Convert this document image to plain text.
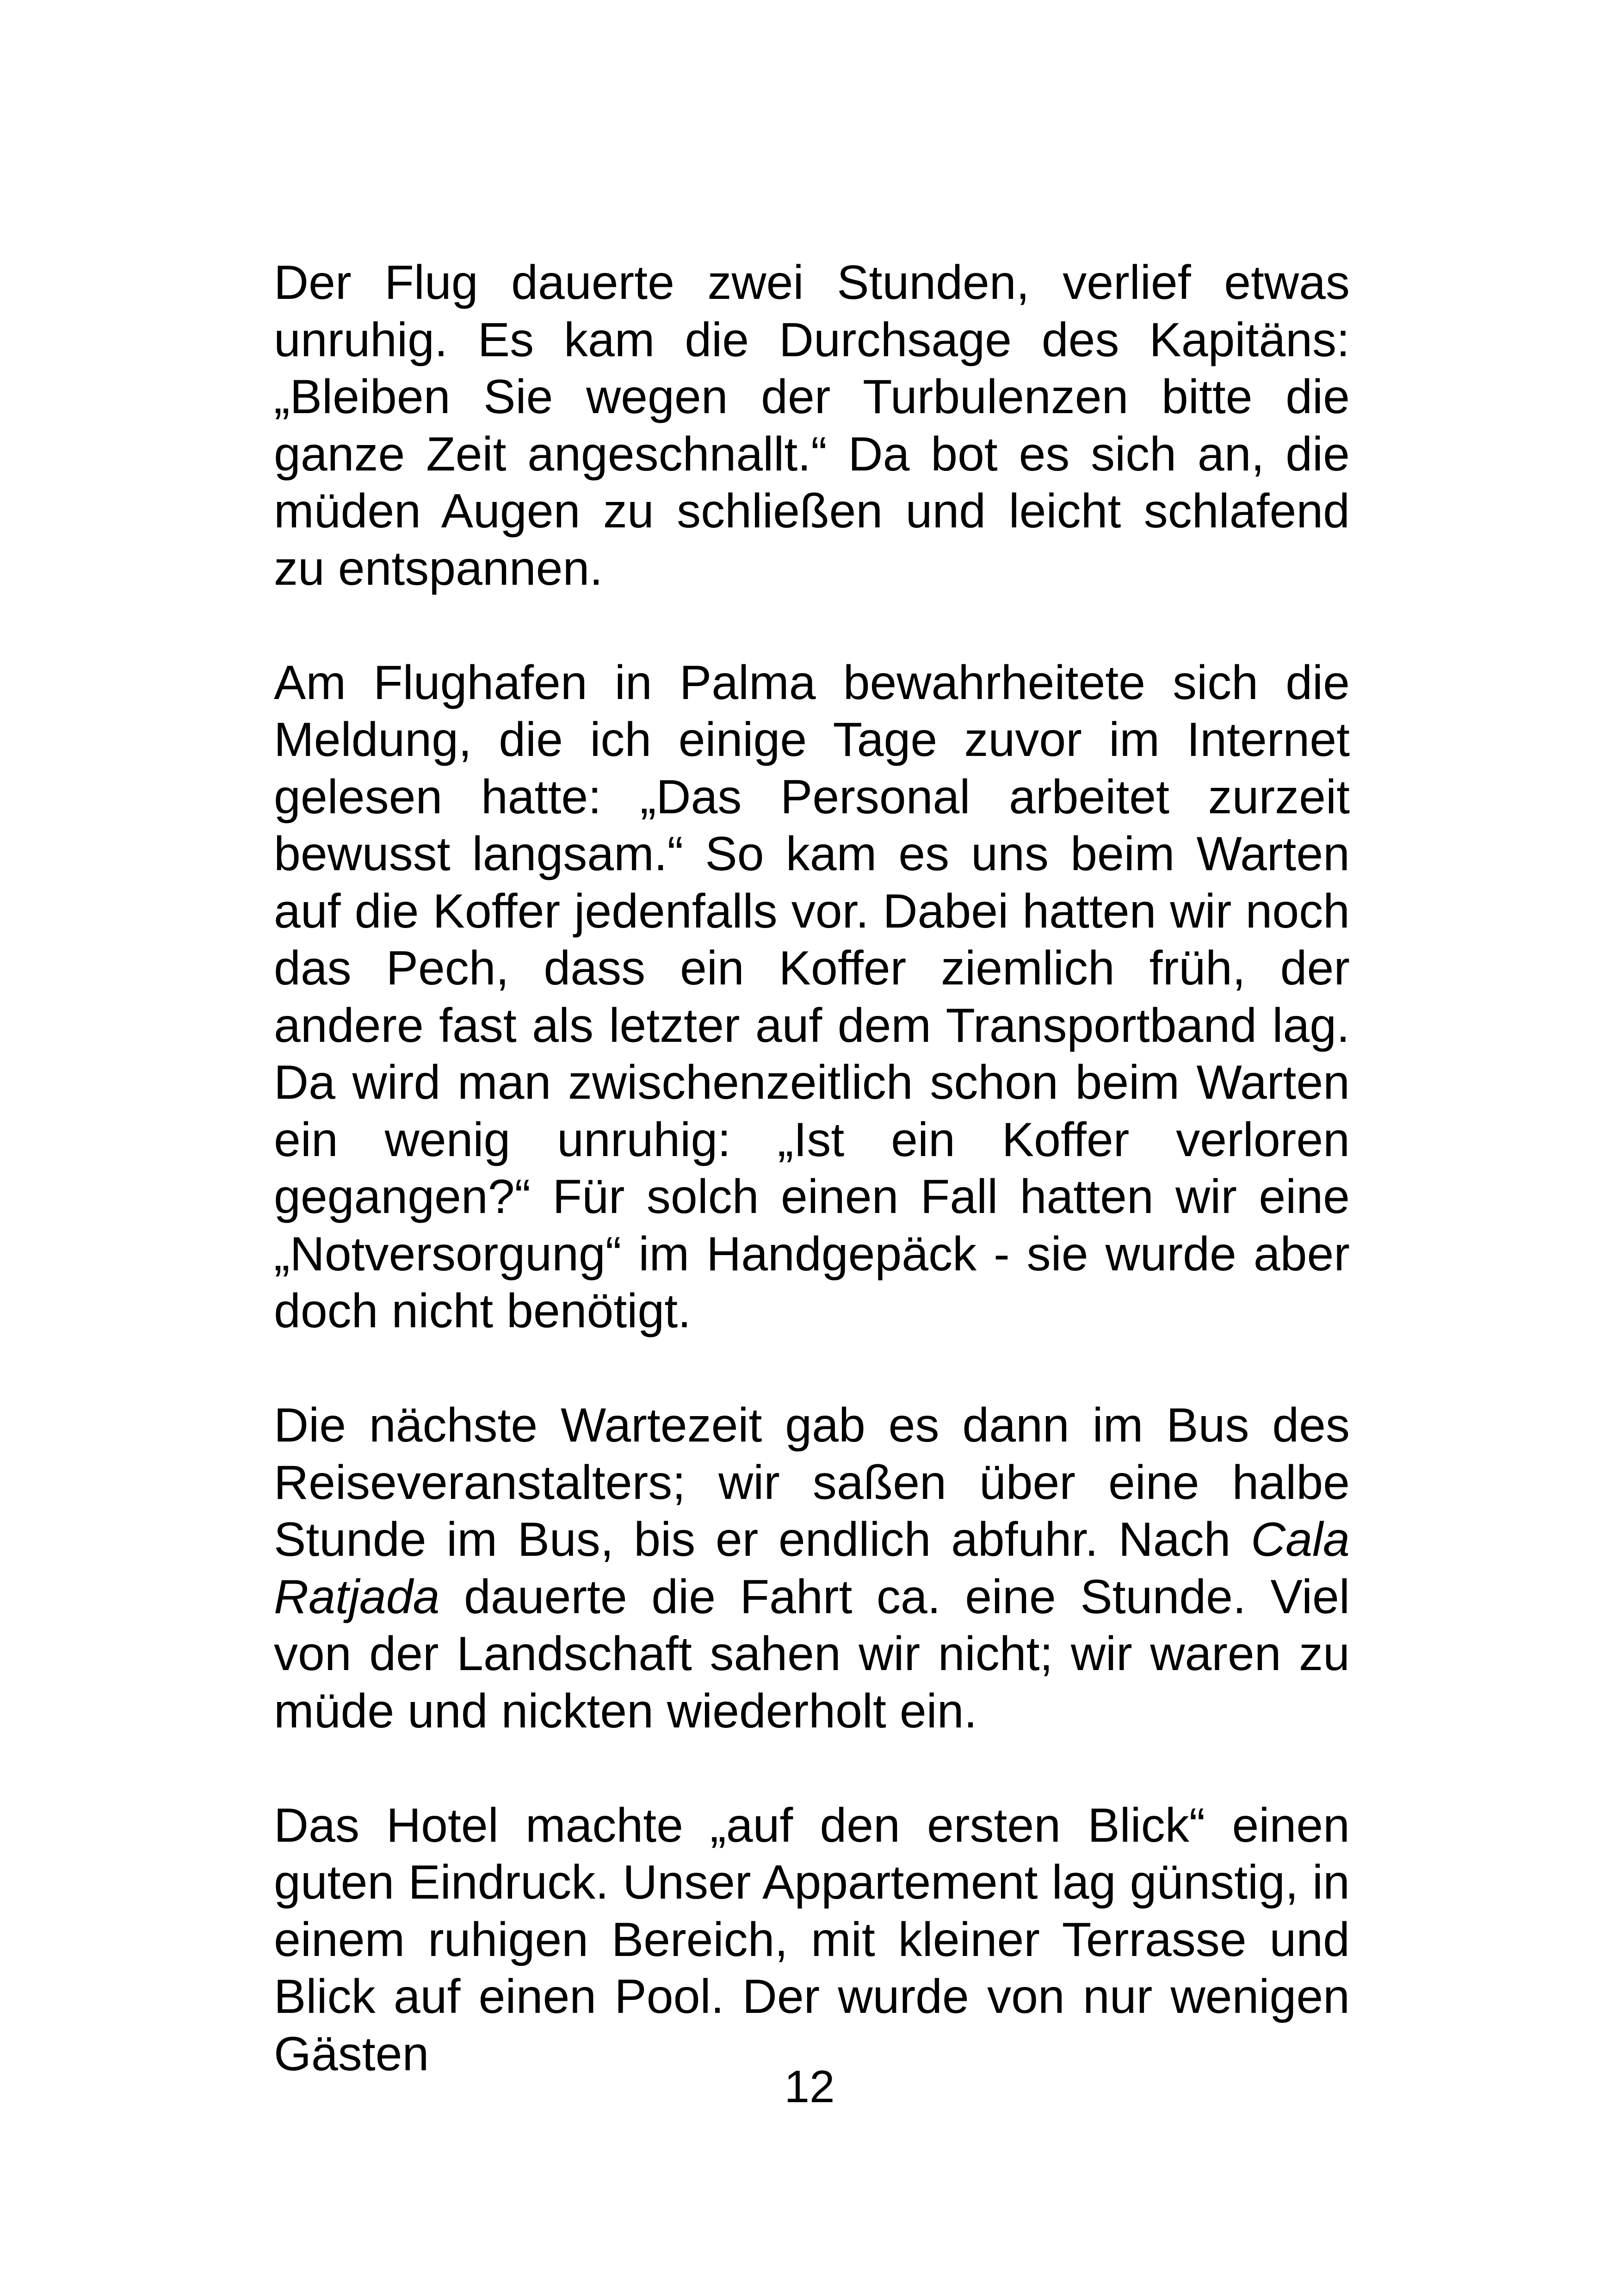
Der Flug dauerte zwei Stunden, verlief etwas unruhig. Es kam die Durchsage des Kapitäns: „Bleiben Sie wegen der Turbulenzen bitte die ganze Zeit angeschnallt.“ Da bot es sich an, die müden Augen zu schließen und leicht schlafend zu entspannen.

Am Flughafen in Palma bewahrheitete sich die Meldung, die ich einige Tage zuvor im Internet gelesen hatte: „Das Personal arbeitet zurzeit bewusst langsam.“ So kam es uns beim Warten auf die Koffer jedenfalls vor. Dabei hatten wir noch das Pech, dass ein Koffer ziemlich früh, der andere fast als letzter auf dem Transportband lag. Da wird man zwischenzeitlich schon beim Warten ein wenig unruhig: „Ist ein Koffer verloren gegangen?“ Für solch einen Fall hatten wir eine „Notversorgung“ im Handgepäck - sie wurde aber doch nicht benötigt.

Die nächste Wartezeit gab es dann im Bus des Reiseveranstalters; wir saßen über eine halbe Stunde im Bus, bis er endlich abfuhr. Nach Cala Ratjada dauerte die Fahrt ca. eine Stunde. Viel von der Landschaft sahen wir nicht; wir waren zu müde und nickten wiederholt ein.

Das Hotel machte „auf den ersten Blick“ einen guten Eindruck. Unser Appartement lag günstig, in einem ruhigen Bereich, mit kleiner Terrasse und Blick auf einen Pool. Der wurde von nur wenigen Gästen

12
